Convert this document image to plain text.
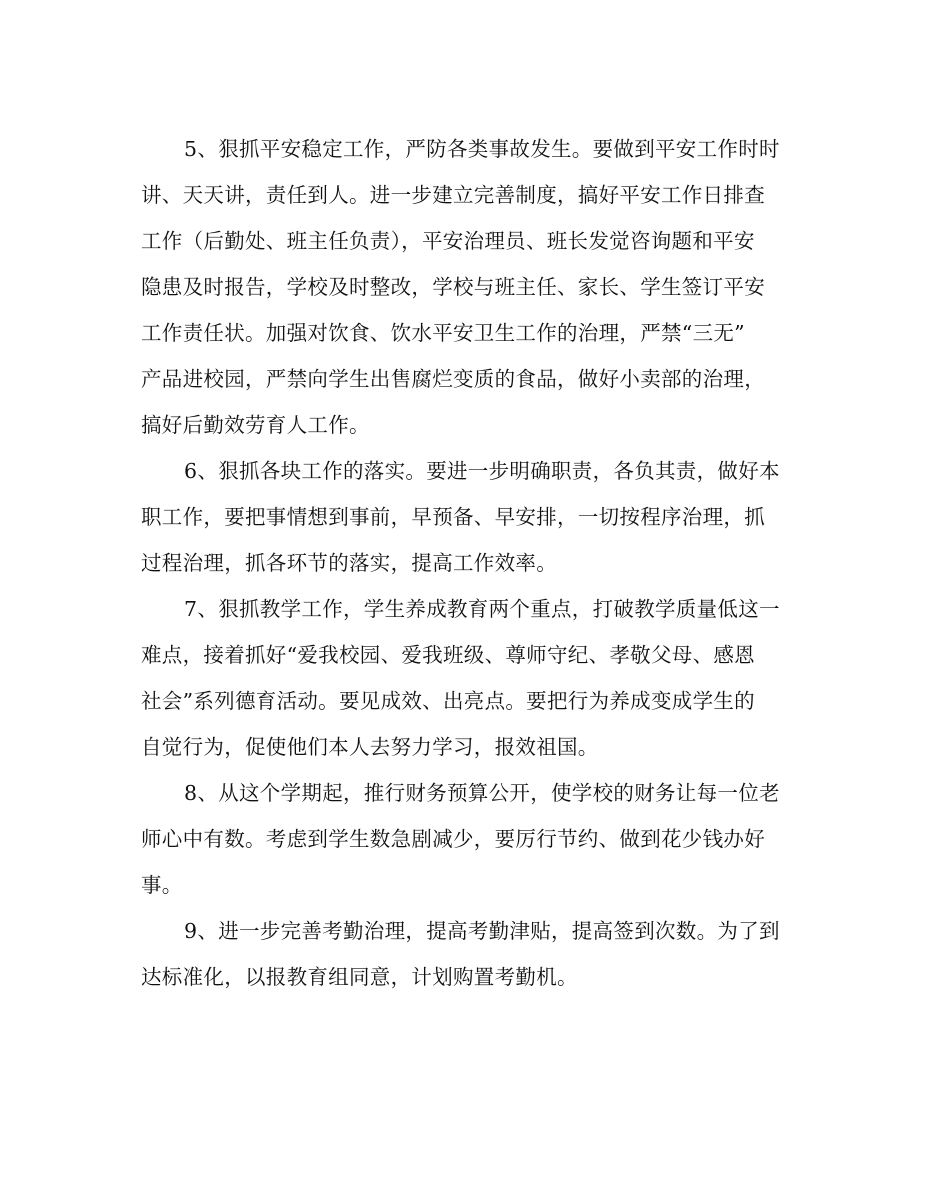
5、狠抓平安稳定工作，严防各类事故发生。要做到平安工作时时
讲、天天讲，责任到人。进一步建立完善制度，搞好平安工作日排查
工作（后勤处、班主任负责），平安治理员、班长发觉咨询题和平安
隐患及时报告，学校及时整改，学校与班主任、家长、学生签订平安
工作责任状。加强对饮食、饮水平安卫生工作的治理，严禁“三无”
产品进校园，严禁向学生出售腐烂变质的食品，做好小卖部的治理，
搞好后勤效劳育人工作。

6、狠抓各块工作的落实。要进一步明确职责，各负其责，做好本
职工作，要把事情想到事前，早预备、早安排，一切按程序治理，抓
过程治理，抓各环节的落实，提高工作效率。

7、狠抓教学工作，学生养成教育两个重点，打破教学质量低这一
难点，接着抓好“爱我校园、爱我班级、尊师守纪、孝敬父母、感恩
社会”系列德育活动。要见成效、出亮点。要把行为养成变成学生的
自觉行为，促使他们本人去努力学习，报效祖国。

8、从这个学期起，推行财务预算公开，使学校的财务让每一位老
师心中有数。考虑到学生数急剧减少，要厉行节约、做到花少钱办好
事。

9、进一步完善考勤治理，提高考勤津贴，提高签到次数。为了到
达标准化，以报教育组同意，计划购置考勤机。
